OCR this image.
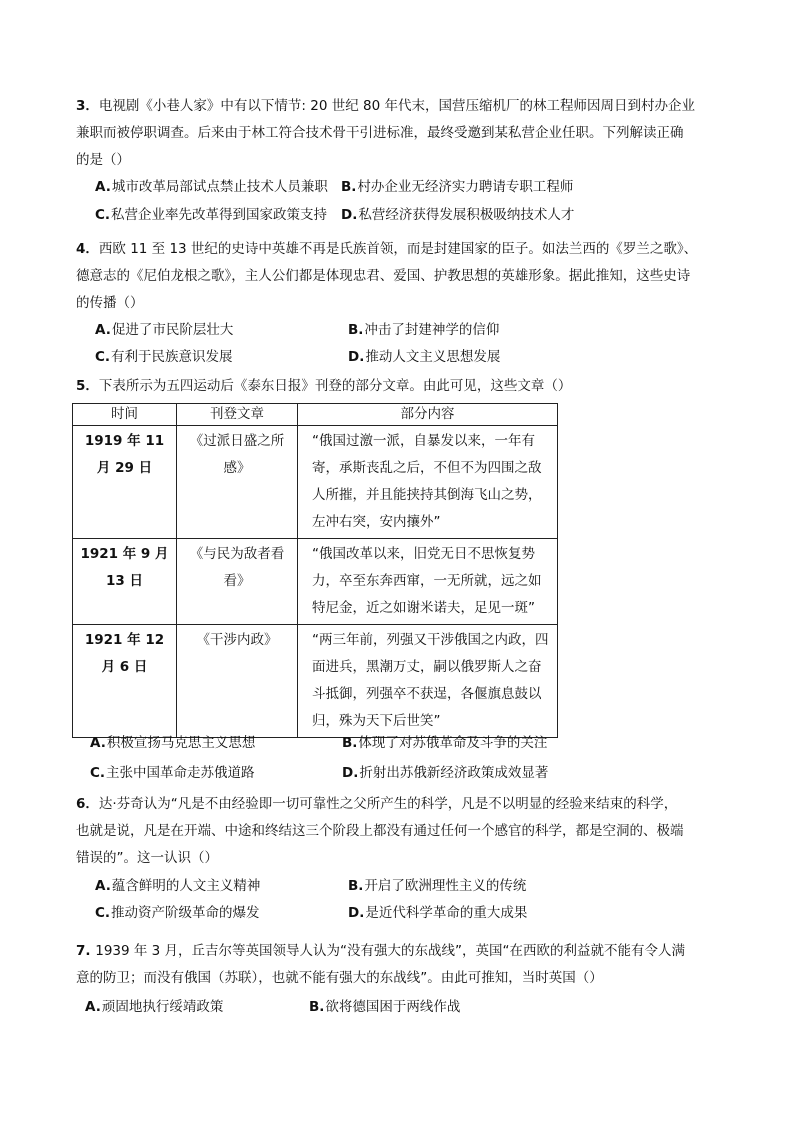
3．电视剧《小巷人家》中有以下情节: 20 世纪 80 年代末，国营压缩机厂的林工程师因周日到村办企业
兼职而被停职调查。后来由于林工符合技术骨干引进标准，最终受邀到某私营企业任职。下列解读正确
的是（）
A.城市改革局部试点禁止技术人员兼职 B.村办企业无经济实力聘请专职工程师
C.私营企业率先改革得到国家政策支持 D.私营经济获得发展积极吸纳技术人才
4．西欧 11 至 13 世纪的史诗中英雄不再是氏族首领，而是封建国家的臣子。如法兰西的《罗兰之歌》、
德意志的《尼伯龙根之歌》，主人公们都是体现忠君、爱国、护教思想的英雄形象。据此推知，这些史诗
的传播（）
A.促进了市民阶层壮大	B.冲击了封建神学的信仰
C.有利于民族意识发展	D.推动人文主义思想发展
5．下表所示为五四运动后《泰东日报》刊登的部分文章。由此可见，这些文章（）
时间	刊登文章	部分内容
1919 年 11 月 29 日	《过派日盛之所感》	“俄国过激一派，自暴发以来，一年有寄，承斯丧乱之后，不但不为四围之敌人所摧，并且能挟持其倒海飞山之势，左冲右突，安内攘外”
1921 年 9 月 13 日	《与民为敌者看看》	“俄国改革以来，旧党无日不思恢复势力，卒至东奔西窜，一无所就，远之如特尼金，近之如谢米诺夫，足见一斑”
1921 年 12 月 6 日	《干涉内政》	“两三年前，列强又干涉俄国之内政，四面进兵，黑潮万丈，嗣以俄罗斯人之奋斗抵御，列强卒不获逞，各偃旗息鼓以归，殊为天下后世笑”
A.积极宣扬马克思主义思想	B.体现了对苏俄革命及斗争的关注
C.主张中国革命走苏俄道路	D.折射出苏俄新经济政策成效显著
6．达·芬奇认为“凡是不由经验即一切可靠性之父所产生的科学，凡是不以明显的经验来结束的科学，
也就是说，凡是在开端、中途和终结这三个阶段上都没有通过任何一个感官的科学，都是空洞的、极端
错误的”。这一认识（）
A.蕴含鲜明的人文主义精神	B.开启了欧洲理性主义的传统
C.推动资产阶级革命的爆发	D.是近代科学革命的重大成果
7. 1939 年 3 月，丘吉尔等英国领导人认为“没有强大的东战线”，英国“在西欧的利益就不能有令人满
意的防卫；而没有俄国（苏联），也就不能有强大的东战线”。由此可推知，当时英国（）
A.顽固地执行绥靖政策	B.欲将德国困于两线作战
